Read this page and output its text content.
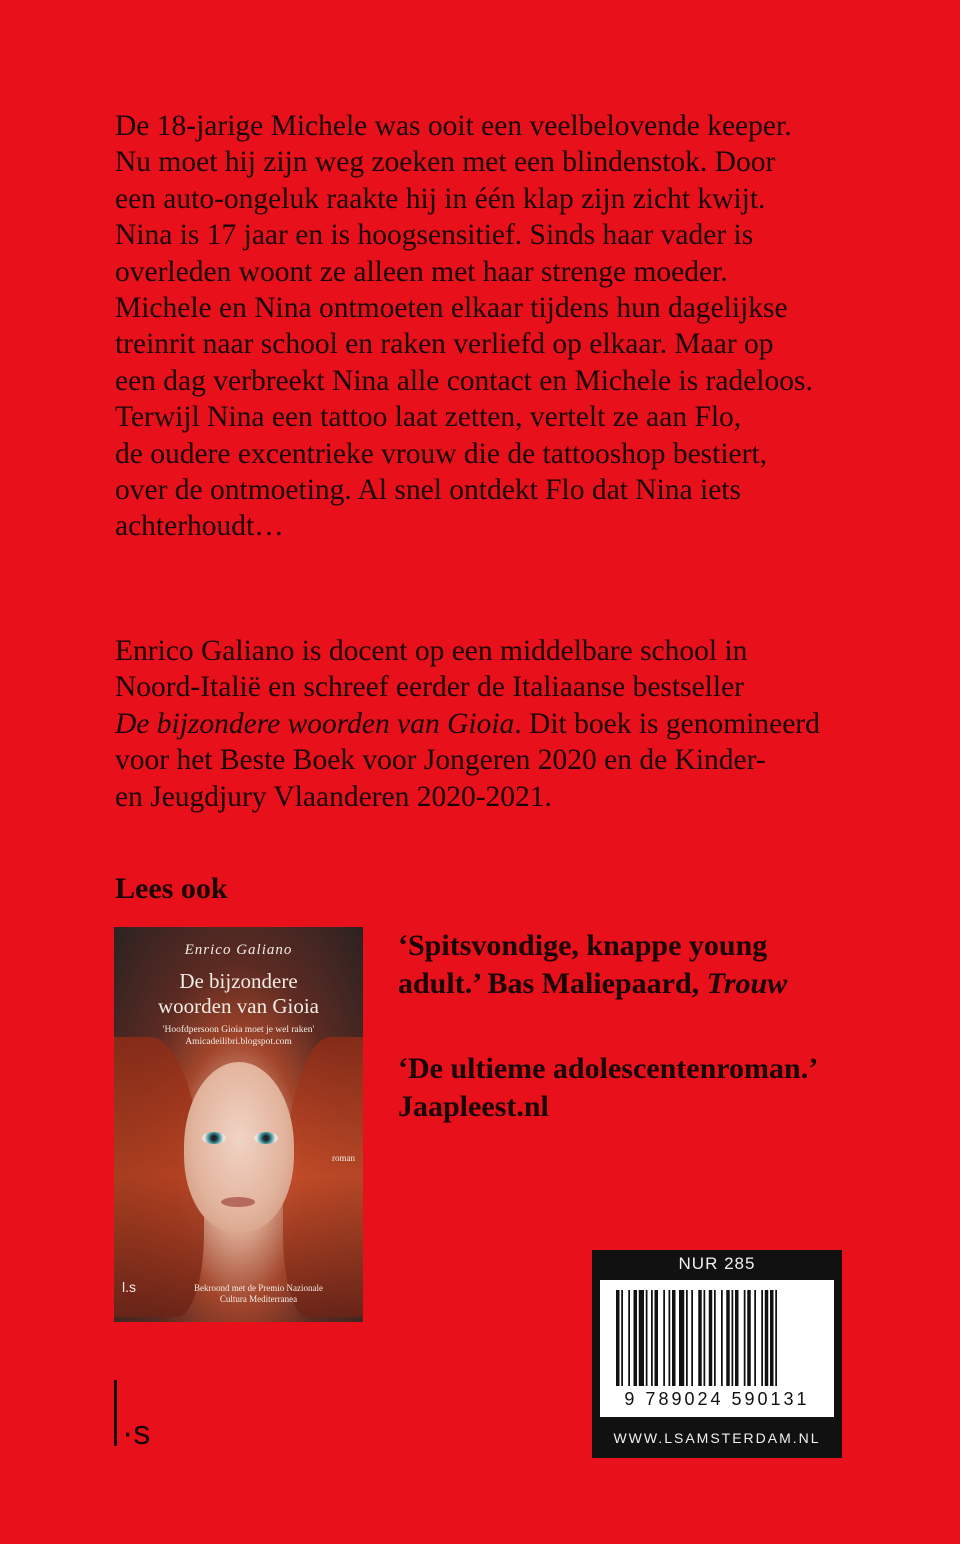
De 18-jarige Michele was ooit een veelbelovende keeper.
Nu moet hij zijn weg zoeken met een blindenstok. Door
een auto-ongeluk raakte hij in één klap zijn zicht kwijt.
Nina is 17 jaar en is hoogsensitief. Sinds haar vader is
overleden woont ze alleen met haar strenge moeder.
Michele en Nina ontmoeten elkaar tijdens hun dagelijkse
treinrit naar school en raken verliefd op elkaar. Maar op
een dag verbreekt Nina alle contact en Michele is radeloos.
Terwijl Nina een tattoo laat zetten, vertelt ze aan Flo,
de oudere excentrieke vrouw die de tattooshop bestiert,
over de ontmoeting. Al snel ontdekt Flo dat Nina iets
achterhoudt…

Enrico Galiano is docent op een middelbare school in
Noord-Italië en schreef eerder de Italiaanse bestseller
De bijzondere woorden van Gioia. Dit boek is genomineerd
voor het Beste Boek voor Jongeren 2020 en de Kinder-
en Jeugdjury Vlaanderen 2020-2021.
Lees ook
Enrico Galiano
De bijzondere
woorden van Gioia
'Hoofdpersoon Gioia moet je wel raken'
Amicadeilibri.blogspot.com
roman
l.s	Bekroond met de Premio Nazionale
Cultura Mediterranea
‘Spitsvondige, knappe young
adult.’ Bas Maliepaard, Trouw
‘De ultieme adolescentenroman.’
Jaapleest.nl
·s
NUR 285
9 789024 590131
WWW.LSAMSTERDAM.NL
